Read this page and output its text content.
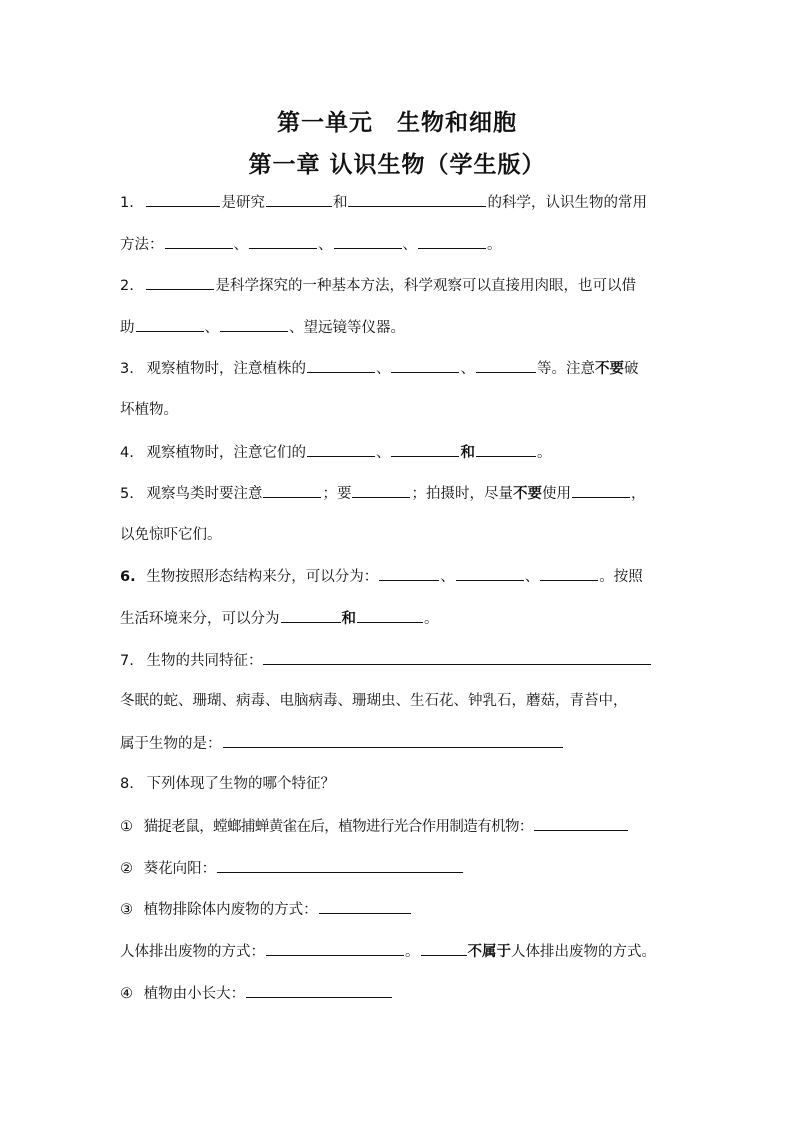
第一单元　生物和细胞
第一章 认识生物（学生版）
1.	是研究	和	的科学，认识生物的常用
方法：	、	、	、	。
2.	是科学探究的一种基本方法，科学观察可以直接用肉眼，也可以借
助	、	、望远镜等仪器。
3. 观察植物时，注意植株的	、	、	等。注意不要破
坏植物。
4. 观察植物时，注意它们的	、	和	。
5. 观察鸟类时要注意	；要	；拍摄时，尽量不要使用	，
以免惊吓它们。
6. 生物按照形态结构来分，可以分为：	、	、	。按照
生活环境来分，可以分为	和	。
7. 生物的共同特征：
冬眠的蛇、珊瑚、病毒、电脑病毒、珊瑚虫、生石花、钟乳石，蘑菇，青苔中，
属于生物的是：
8. 下列体现了生物的哪个特征？
① 猫捉老鼠，螳螂捕蝉黄雀在后，植物进行光合作用制造有机物：
② 葵花向阳：
③ 植物排除体内废物的方式：
人体排出废物的方式：	。	不属于人体排出废物的方式。
④ 植物由小长大：
